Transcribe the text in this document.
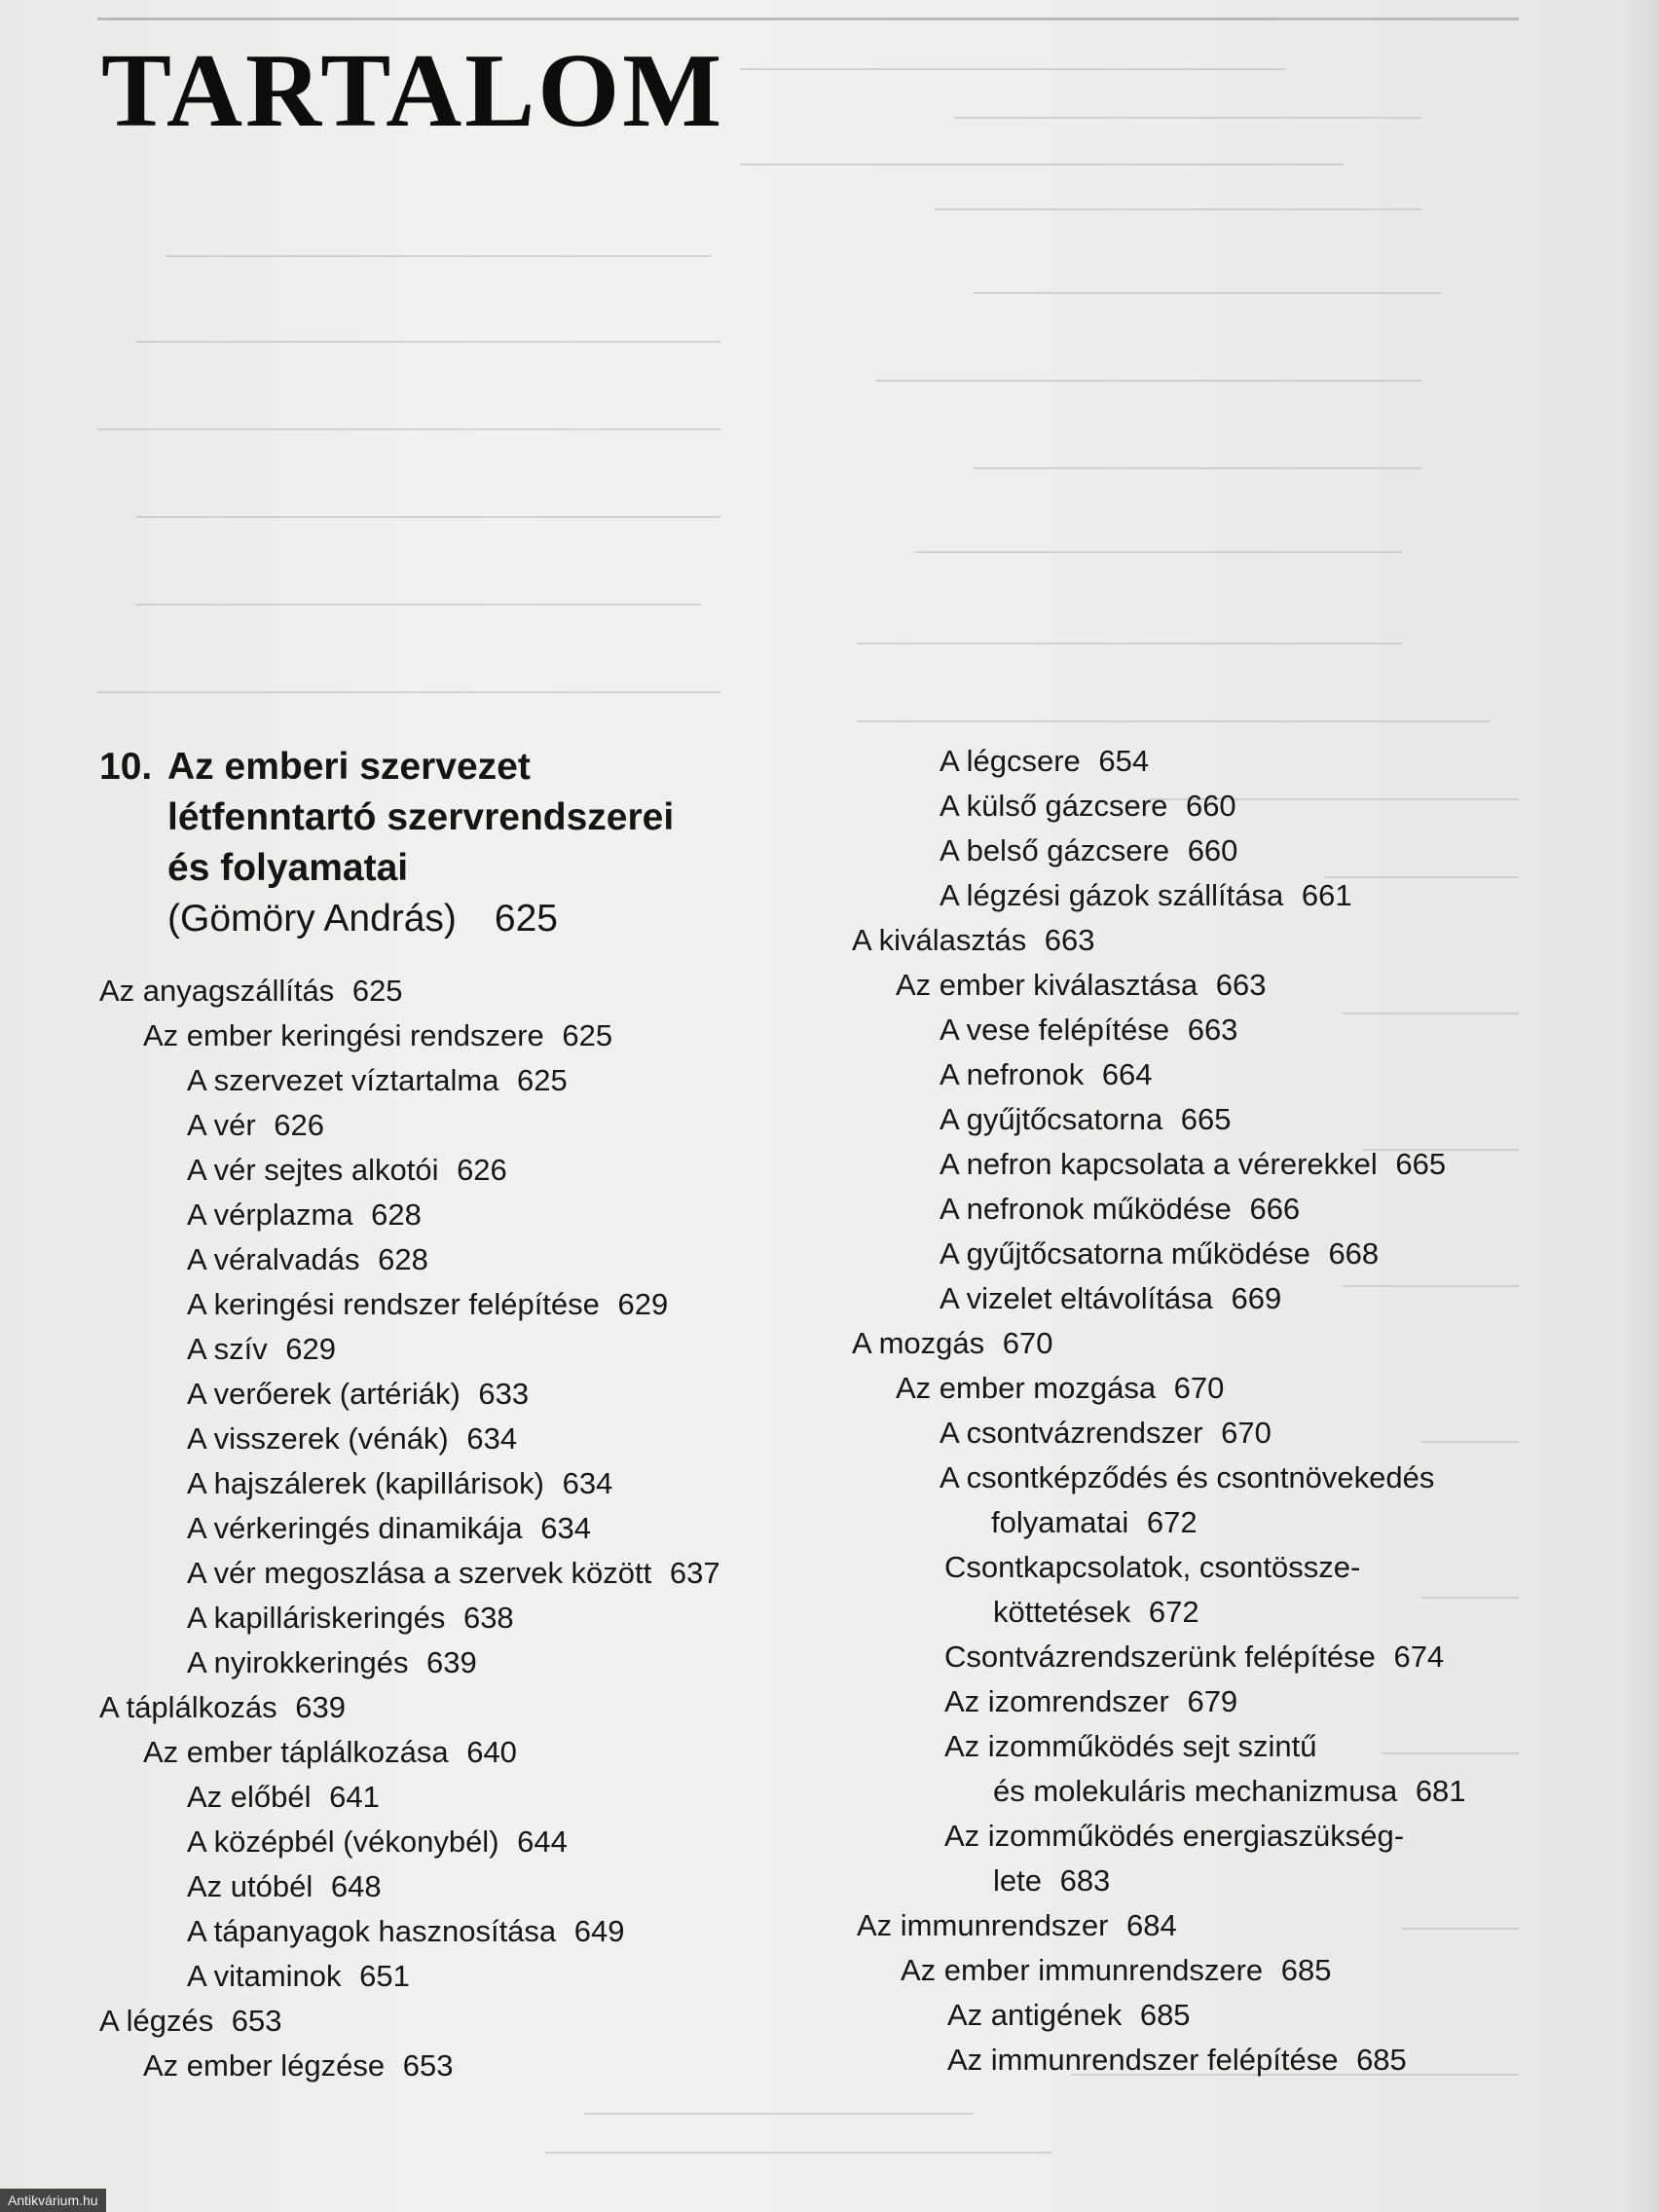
TARTALOM
10. Az emberi szervezet
létfenntartó szervrendszerei
és folyamatai
(Gömöry András) 625
Az anyagszállítás 625
Az ember keringési rendszere 625
A szervezet víztartalma 625
A vér 626
A vér sejtes alkotói 626
A vérplazma 628
A véralvadás 628
A keringési rendszer felépítése 629
A szív 629
A verőerek (artériák) 633
A visszerek (vénák) 634
A hajszálerek (kapillárisok) 634
A vérkeringés dinamikája 634
A vér megoszlása a szervek között 637
A kapilláriskeringés 638
A nyirokkeringés 639
A táplálkozás 639
Az ember táplálkozása 640
Az előbél 641
A középbél (vékonybél) 644
Az utóbél 648
A tápanyagok hasznosítása 649
A vitaminok 651
A légzés 653
Az ember légzése 653
A légcsere 654
A külső gázcsere 660
A belső gázcsere 660
A légzési gázok szállítása 661
A kiválasztás 663
Az ember kiválasztása 663
A vese felépítése 663
A nefronok 664
A gyűjtőcsatorna 665
A nefron kapcsolata a vérerekkel 665
A nefronok működése 666
A gyűjtőcsatorna működése 668
A vizelet eltávolítása 669
A mozgás 670
Az ember mozgása 670
A csontvázrendszer 670
A csontképződés és csontnövekedés
folyamatai 672
Csontkapcsolatok, csontössze-
köttetések 672
Csontvázrendszerünk felépítése 674
Az izomrendszer 679
Az izomműködés sejt szintű
és molekuláris mechanizmusa 681
Az izomműködés energiaszükség-
lete 683
Az immunrendszer 684
Az ember immunrendszere 685
Az antigének 685
Az immunrendszer felépítése 685
Antikvárium.hu
